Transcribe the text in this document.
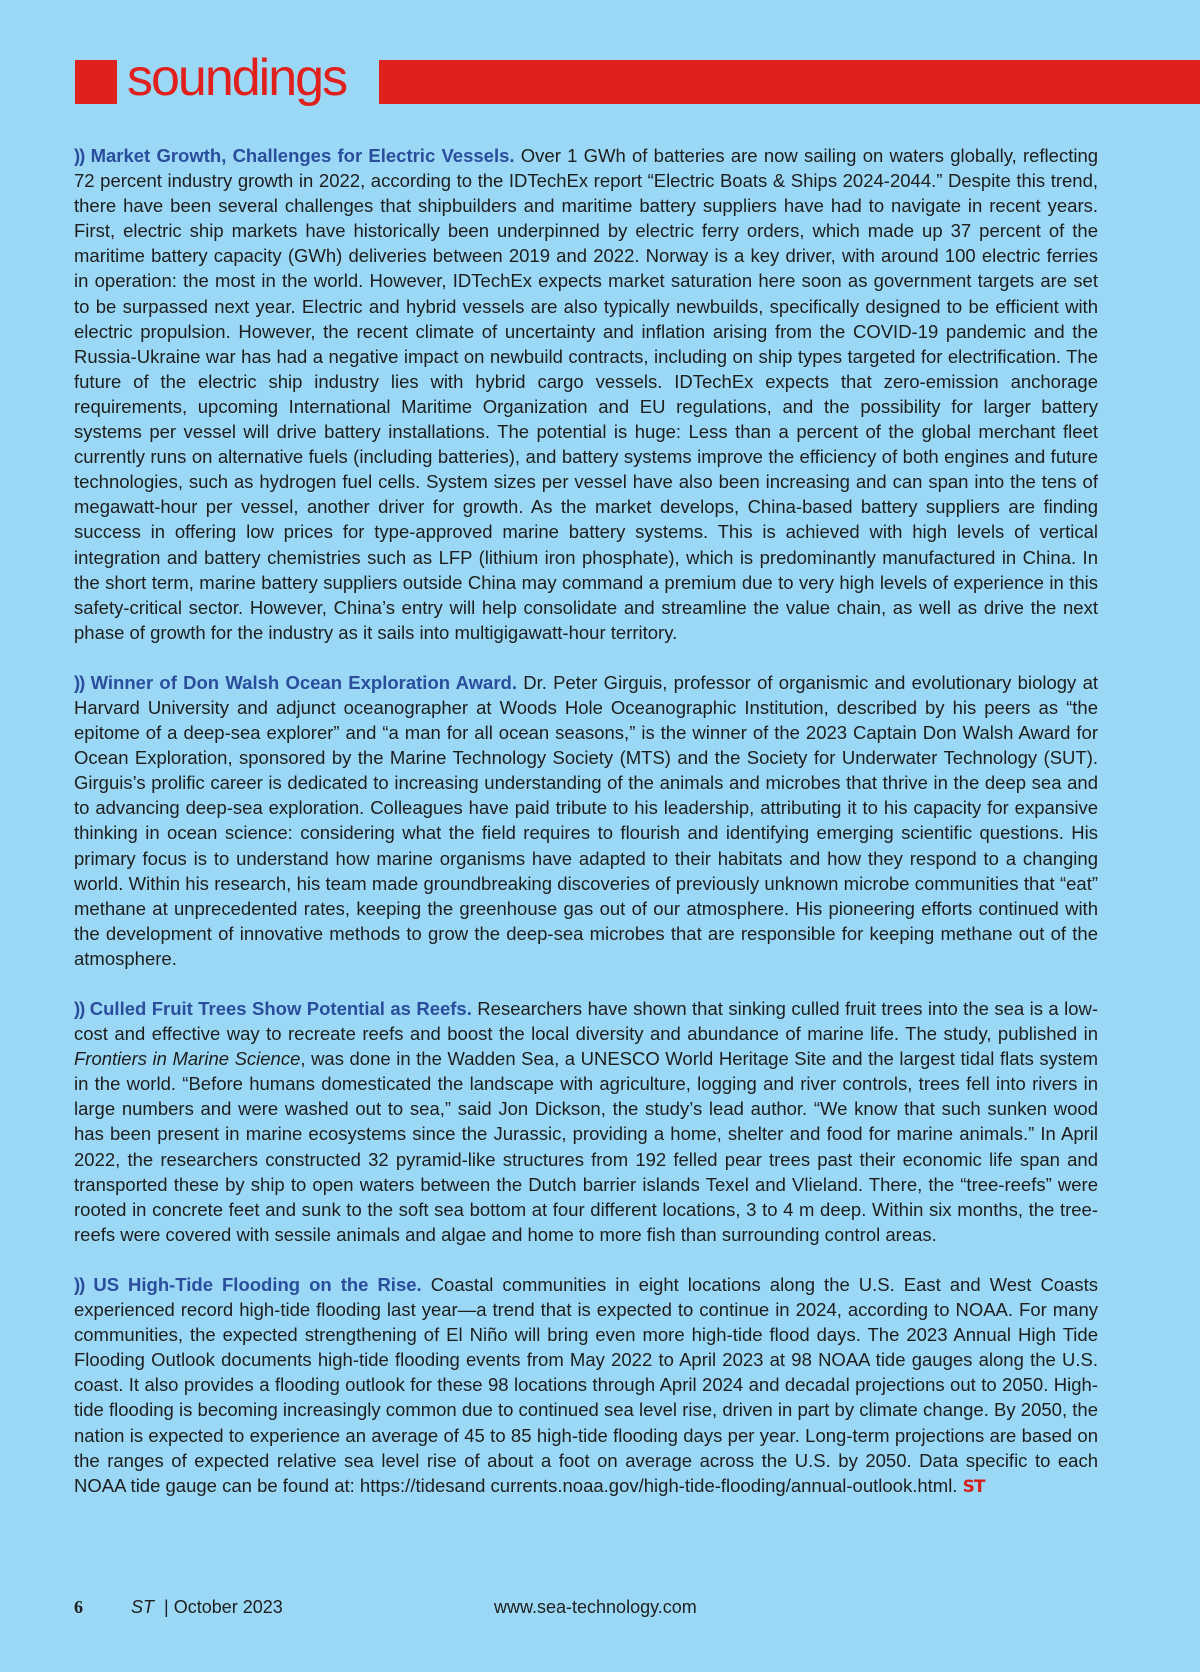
soundings

)) Market Growth, Challenges for Electric Vessels. Over 1 GWh of batteries are now sailing on waters globally, reflecting 72 percent industry growth in 2022, according to the IDTechEx report “Electric Boats & Ships 2024-2044.” Despite this trend, there have been several challenges that shipbuilders and maritime battery suppliers have had to navigate in recent years. First, electric ship markets have historically been underpinned by electric ferry orders, which made up 37 percent of the maritime battery capacity (GWh) deliveries between 2019 and 2022. Norway is a key driver, with around 100 electric ferries in operation: the most in the world. However, IDTechEx expects market saturation here soon as government targets are set to be surpassed next year. Electric and hybrid vessels are also typically newbuilds, specifically designed to be efficient with electric propulsion. However, the recent climate of uncertainty and inflation arising from the COVID-19 pandemic and the Russia-Ukraine war has had a negative impact on newbuild contracts, including on ship types targeted for electrification. The future of the electric ship industry lies with hybrid cargo vessels. IDTechEx expects that zero-emission anchorage requirements, upcoming International Maritime Organization and EU regulations, and the possibility for larger battery systems per vessel will drive battery installations. The potential is huge: Less than a percent of the global merchant fleet currently runs on alternative fuels (including batteries), and battery systems improve the efficiency of both engines and future technologies, such as hydrogen fuel cells. System sizes per vessel have also been increasing and can span into the tens of megawatt-hour per vessel, another driver for growth. As the market develops, China-based battery suppliers are finding success in offering low prices for type-approved marine battery systems. This is achieved with high levels of vertical integration and battery chemistries such as LFP (lithium iron phosphate), which is predominantly manufactured in China. In the short term, marine battery suppliers outside China may command a premium due to very high levels of experience in this safety-critical sector. However, China’s entry will help consolidate and streamline the value chain, as well as drive the next phase of growth for the industry as it sails into multigigawatt-hour territory.

)) Winner of Don Walsh Ocean Exploration Award. Dr. Peter Girguis, professor of organismic and evolutionary biology at Harvard University and adjunct oceanographer at Woods Hole Oceanographic Institution, described by his peers as “the epitome of a deep-sea explorer” and “a man for all ocean seasons,” is the winner of the 2023 Captain Don Walsh Award for Ocean Exploration, sponsored by the Marine Technology Society (MTS) and the Society for Underwater Technology (SUT). Girguis’s prolific career is dedicated to increasing understanding of the animals and microbes that thrive in the deep sea and to advancing deep-sea exploration. Colleagues have paid tribute to his leadership, attributing it to his capacity for expansive thinking in ocean science: considering what the field requires to flourish and identifying emerging scientific questions. His primary focus is to understand how marine organisms have adapted to their habitats and how they respond to a changing world. Within his research, his team made groundbreaking discoveries of previously unknown microbe communities that “eat” methane at unprecedented rates, keeping the greenhouse gas out of our atmosphere. His pioneering efforts continued with the development of innovative methods to grow the deep-sea microbes that are responsible for keeping methane out of the atmosphere.

)) Culled Fruit Trees Show Potential as Reefs. Researchers have shown that sinking culled fruit trees into the sea is a low-cost and effective way to recreate reefs and boost the local diversity and abundance of marine life. The study, published in Frontiers in Marine Science, was done in the Wadden Sea, a UNESCO World Heritage Site and the largest tidal flats system in the world. “Before humans domesticated the landscape with agriculture, logging and river controls, trees fell into rivers in large numbers and were washed out to sea,” said Jon Dickson, the study’s lead author. “We know that such sunken wood has been present in marine ecosystems since the Jurassic, providing a home, shelter and food for marine animals.” In April 2022, the researchers constructed 32 pyramid-like structures from 192 felled pear trees past their economic life span and transported these by ship to open waters between the Dutch barrier islands Texel and Vlieland. There, the “tree-reefs” were rooted in concrete feet and sunk to the soft sea bottom at four different locations, 3 to 4 m deep. Within six months, the tree-reefs were covered with sessile animals and algae and home to more fish than surrounding control areas.

)) US High-Tide Flooding on the Rise. Coastal communities in eight locations along the U.S. East and West Coasts experienced record high-tide flooding last year—a trend that is expected to continue in 2024, according to NOAA. For many communities, the expected strengthening of El Niño will bring even more high-tide flood days. The 2023 Annual High Tide Flooding Outlook documents high-tide flooding events from May 2022 to April 2023 at 98 NOAA tide gauges along the U.S. coast. It also provides a flooding outlook for these 98 locations through April 2024 and decadal projections out to 2050. High-tide flooding is becoming increasingly common due to continued sea level rise, driven in part by climate change. By 2050, the nation is expected to experience an average of 45 to 85 high-tide flooding days per year. Long-term projections are based on the ranges of expected relative sea level rise of about a foot on average across the U.S. by 2050. Data specific to each NOAA tide gauge can be found at: https://tidesand currents.noaa.gov/high-tide-flooding/annual-outlook.html. ST

6	ST | October 2023	www.sea-technology.com
